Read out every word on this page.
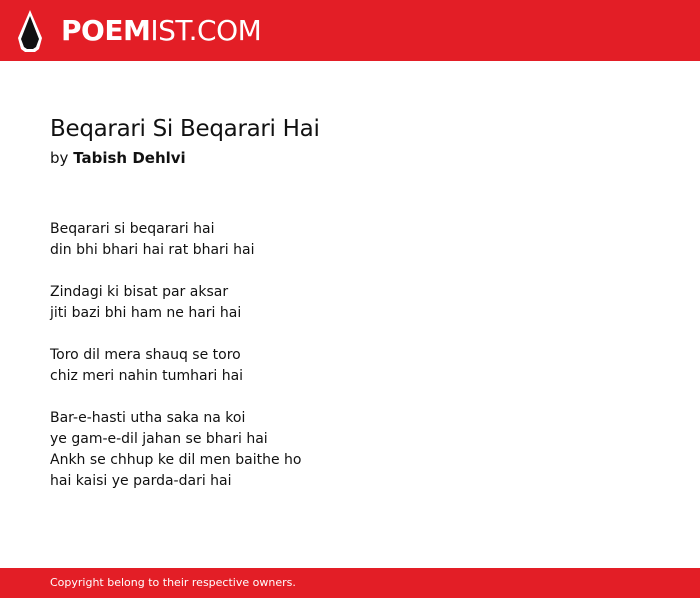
POEMIST.COM
Beqarari Si Beqarari Hai
by Tabish Dehlvi
Beqarari si beqarari hai
din bhi bhari hai rat bhari hai
Zindagi ki bisat par aksar
jiti bazi bhi ham ne hari hai
Toro dil mera shauq se toro
chiz meri nahin tumhari hai
Bar-e-hasti utha saka na koi
ye gam-e-dil jahan se bhari hai
Ankh se chhup ke dil men baithe ho
hai kaisi ye parda-dari hai
Copyright belong to their respective owners.
